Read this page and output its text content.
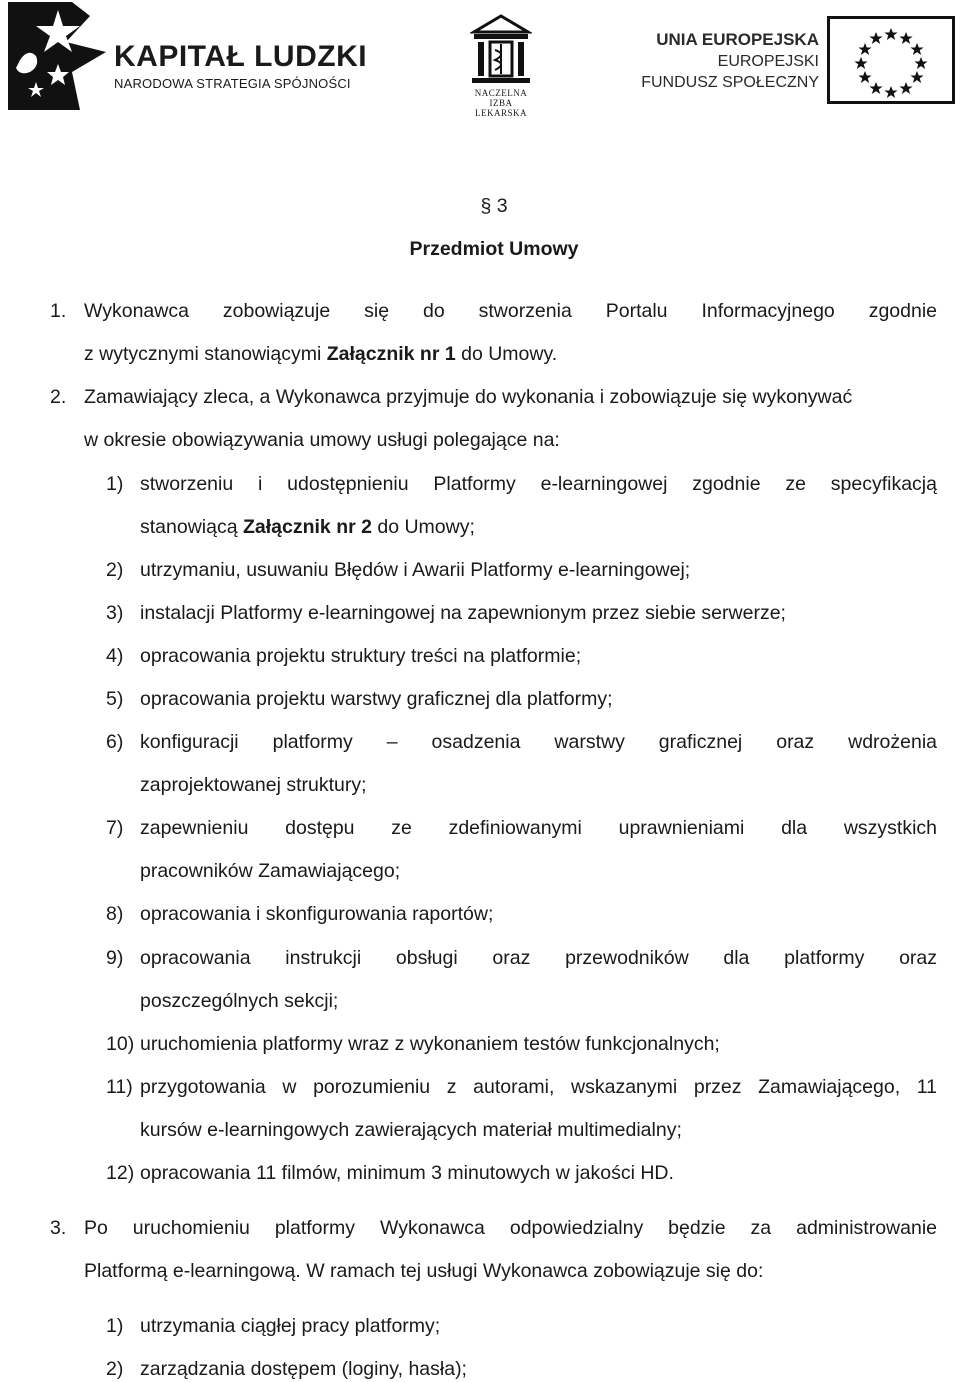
KAPITAŁ LUDZKI
NARODOWA STRATEGIA SPÓJNOŚCI
NACZELNA
IZBA LEKARSKA
UNIA EUROPEJSKA
EUROPEJSKI
FUNDUSZ SPOŁECZNY
§ 3
Przedmiot Umowy
1. Wykonawca zobowiązuje się do stworzenia Portalu Informacyjnego zgodnie
z wytycznymi stanowiącymi Załącznik nr 1 do Umowy.
2. Zamawiający zleca, a Wykonawca przyjmuje do wykonania i zobowiązuje się wykonywać
w okresie obowiązywania umowy usługi polegające na:
1) stworzeniu i udostępnieniu Platformy e-learningowej zgodnie ze specyfikacją
stanowiącą Załącznik nr 2 do Umowy;
2) utrzymaniu, usuwaniu Błędów i Awarii Platformy e-learningowej;
3) instalacji Platformy e-learningowej na zapewnionym przez siebie serwerze;
4) opracowania projektu struktury treści na platformie;
5) opracowania projektu warstwy graficznej dla platformy;
6) konfiguracji platformy – osadzenia warstwy graficznej oraz wdrożenia
zaprojektowanej struktury;
7) zapewnieniu dostępu ze zdefiniowanymi uprawnieniami dla wszystkich
pracowników Zamawiającego;
8) opracowania i skonfigurowania raportów;
9) opracowania instrukcji obsługi oraz przewodników dla platformy oraz
poszczególnych sekcji;
10) uruchomienia platformy wraz z wykonaniem testów funkcjonalnych;
11) przygotowania w porozumieniu z autorami, wskazanymi przez Zamawiającego, 11
kursów e-learningowych zawierających materiał multimedialny;
12) opracowania 11 filmów, minimum 3 minutowych w jakości HD.
3. Po uruchomieniu platformy Wykonawca odpowiedzialny będzie za administrowanie
Platformą e-learningową. W ramach tej usługi Wykonawca zobowiązuje się do:
1) utrzymania ciągłej pracy platformy;
2) zarządzania dostępem (loginy, hasła);
